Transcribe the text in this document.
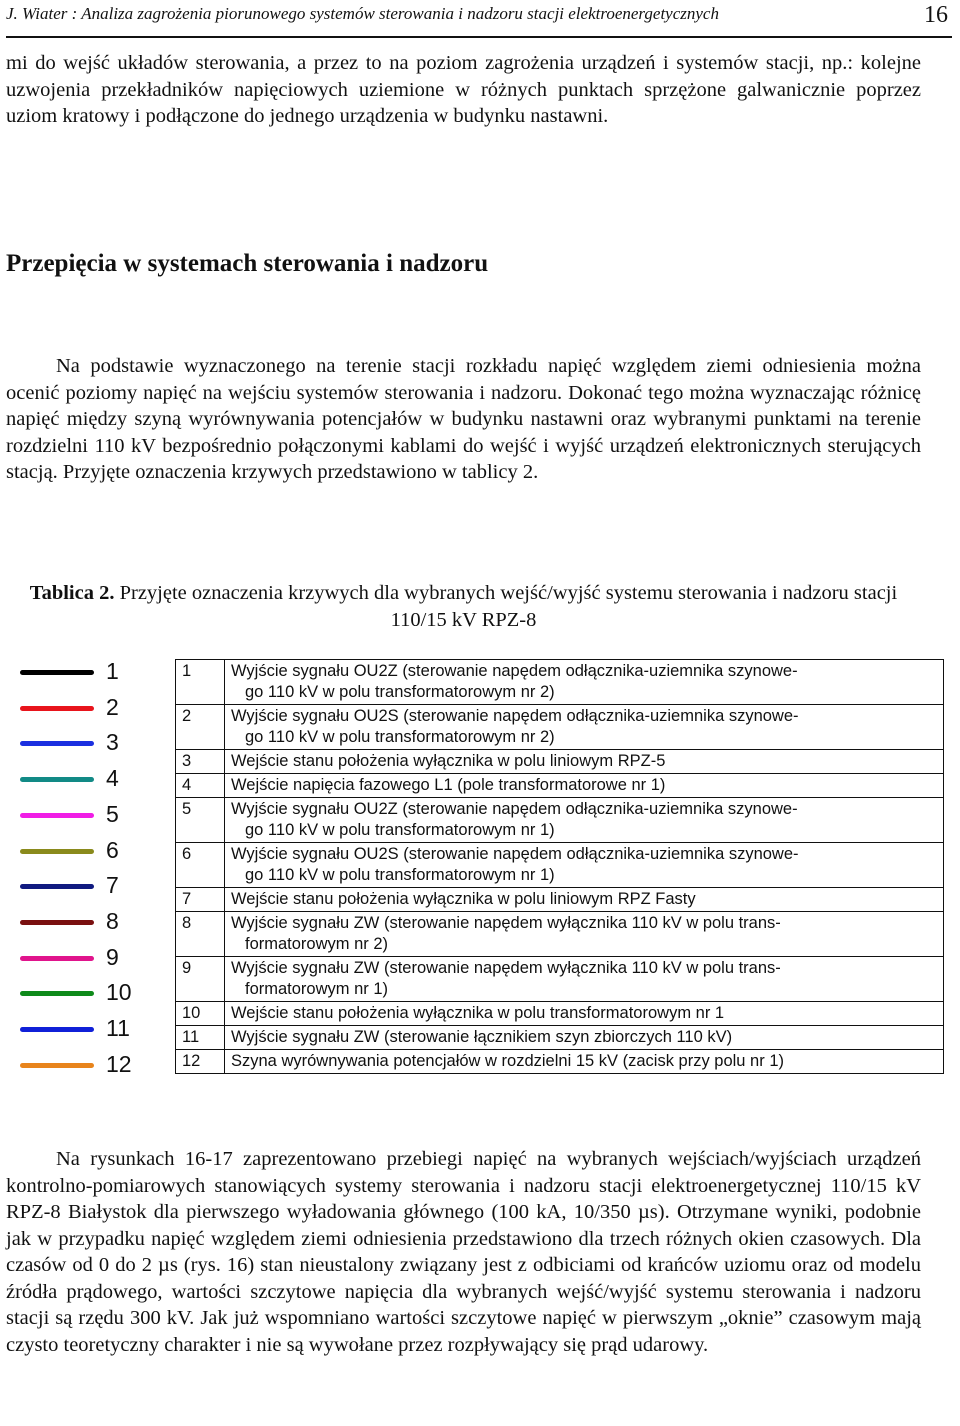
J. Wiater : Analiza zagrożenia piorunowego systemów sterowania i nadzoru stacji elektroenergetycznych	16

mi do wejść układów sterowania, a przez to na poziom zagrożenia urządzeń i systemów stacji, np.: kolejne uzwojenia przekładników napięciowych uziemione w różnych punktach sprzężone galwanicznie poprzez uziom kratowy i podłączone do jednego urządzenia w budynku nastawni.

Przepięcia w systemach sterowania i nadzoru

Na podstawie wyznaczonego na terenie stacji rozkładu napięć względem ziemi odniesienia można ocenić poziomy napięć na wejściu systemów sterowania i nadzoru. Dokonać tego można wyznaczając różnicę napięć między szyną wyrównywania potencjałów w budynku nastawni oraz wybranymi punktami na terenie rozdzielni 110 kV bezpośrednio połączonymi kablami do wejść i wyjść urządzeń elektronicznych sterujących stacją. Przyjęte oznaczenia krzywych przedstawiono w tablicy 2.

Tablica 2. Przyjęte oznaczenia krzywych dla wybranych wejść/wyjść systemu sterowania i nadzoru stacji 110/15 kV RPZ-8
1
2
3
4
5
6
7
8
9
10
11
12
1	Wyjście sygnału OU2Z (sterowanie napędem odłącznika-uziemnika szynowe-
go 110 kV w polu transformatorowym nr 2)

2	Wyjście sygnału OU2S (sterowanie napędem odłącznika-uziemnika szynowe-
go 110 kV w polu transformatorowym nr 2)

3	Wejście stanu położenia wyłącznika w polu liniowym RPZ-5

4	Wejście napięcia fazowego L1 (pole transformatorowe nr 1)

5	Wyjście sygnału OU2Z (sterowanie napędem odłącznika-uziemnika szynowe-
go 110 kV w polu transformatorowym nr 1)

6	Wyjście sygnału OU2S (sterowanie napędem odłącznika-uziemnika szynowe-
go 110 kV w polu transformatorowym nr 1)

7	Wejście stanu położenia wyłącznika w polu liniowym RPZ Fasty

8	Wyjście sygnału ZW (sterowanie napędem wyłącznika 110 kV w polu trans-
formatorowym nr 2)

9	Wyjście sygnału ZW (sterowanie napędem wyłącznika 110 kV w polu trans-
formatorowym nr 1)

10	Wejście stanu położenia wyłącznika w polu transformatorowym nr 1

11	Wyjście sygnału ZW (sterowanie łącznikiem szyn zbiorczych 110 kV)

12	Szyna wyrównywania potencjałów w rozdzielni 15 kV (zacisk przy polu nr 1)

Na rysunkach 16-17 zaprezentowano przebiegi napięć na wybranych wejściach/wyjściach urządzeń kontrolno-pomiarowych stanowiących systemy sterowania i nadzoru stacji elektroenergetycznej 110/15 kV RPZ-8 Białystok dla pierwszego wyładowania głównego (100 kA, 10/350 µs). Otrzymane wyniki, podobnie jak w przypadku napięć względem ziemi odniesienia przedstawiono dla trzech różnych okien czasowych. Dla czasów od 0 do 2 µs (rys. 16) stan nieustalony związany jest z odbiciami od krańców uziomu oraz od modelu źródła prądowego, wartości szczytowe napięcia dla wybranych wejść/wyjść systemu sterowania i nadzoru stacji są rzędu 300 kV. Jak już wspomniano wartości szczytowe napięć w pierwszym „oknie” czasowym mają czysto teoretyczny charakter i nie są wywołane przez rozpływający się prąd udarowy.
